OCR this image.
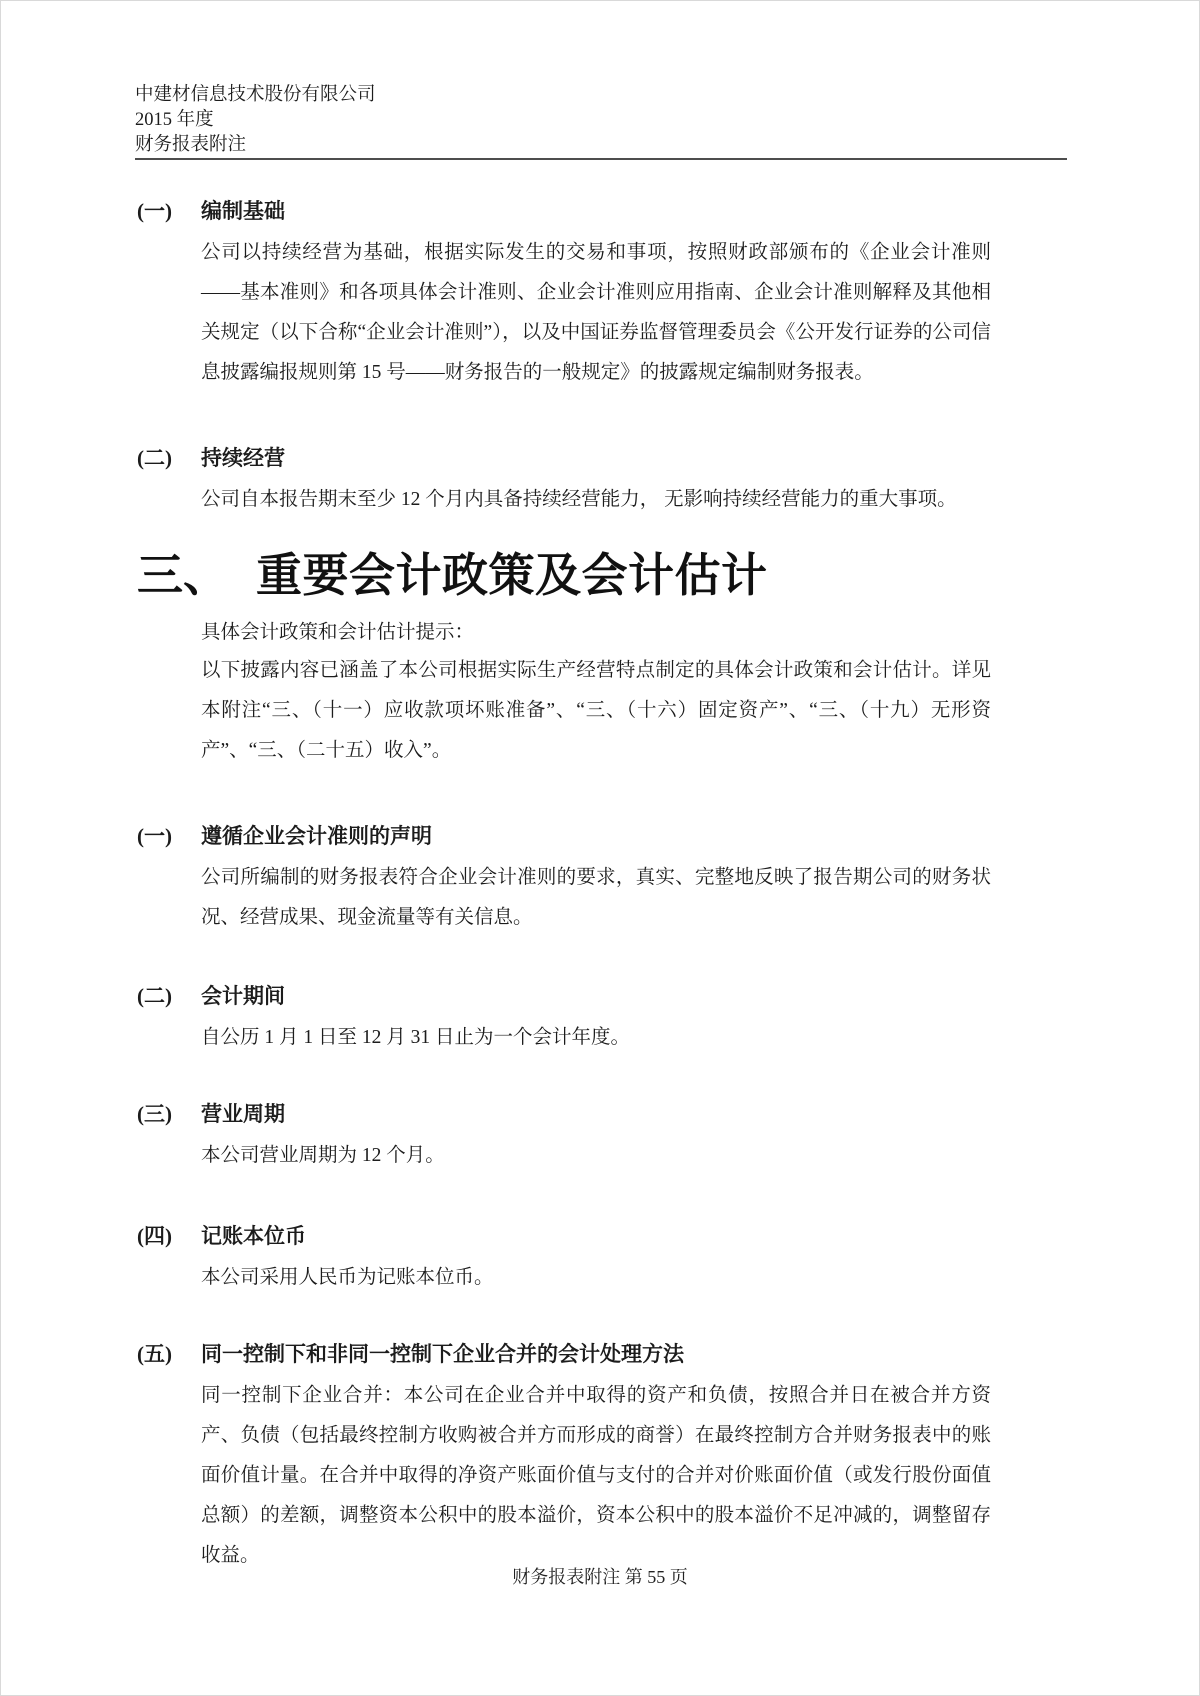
中建材信息技术股份有限公司
2015 年度
财务报表附注
(一)	编制基础

公司以持续经营为基础，根据实际发生的交易和事项，按照财政部颁布的《企业会计准则——基本准则》和各项具体会计准则、企业会计准则应用指南、企业会计准则解释及其他相关规定（以下合称“企业会计准则”），以及中国证券监督管理委员会《公开发行证券的公司信息披露编报规则第 15 号——财务报告的一般规定》的披露规定编制财务报表。

(二)	持续经营

公司自本报告期末至少 12 个月内具备持续经营能力， 无影响持续经营能力的重大事项。

三、 重要会计政策及会计估计
具体会计政策和会计估计提示：
以下披露内容已涵盖了本公司根据实际生产经营特点制定的具体会计政策和会计估计。详见本附注“三、（十一）应收款项坏账准备”、“三、（十六）固定资产”、“三、（十九）无形资产”、“三、（二十五）收入”。
(一)	遵循企业会计准则的声明

公司所编制的财务报表符合企业会计准则的要求，真实、完整地反映了报告期公司的财务状况、经营成果、现金流量等有关信息。

(二)	会计期间

自公历 1 月 1 日至 12 月 31 日止为一个会计年度。

(三)	营业周期

本公司营业周期为 12 个月。

(四)	记账本位币

本公司采用人民币为记账本位币。

(五)	同一控制下和非同一控制下企业合并的会计处理方法

同一控制下企业合并：本公司在企业合并中取得的资产和负债，按照合并日在被合并方资产、负债（包括最终控制方收购被合并方而形成的商誉）在最终控制方合并财务报表中的账面价值计量。在合并中取得的净资产账面价值与支付的合并对价账面价值（或发行股份面值总额）的差额，调整资本公积中的股本溢价，资本公积中的股本溢价不足冲减的，调整留存收益。

财务报表附注 第 55 页
